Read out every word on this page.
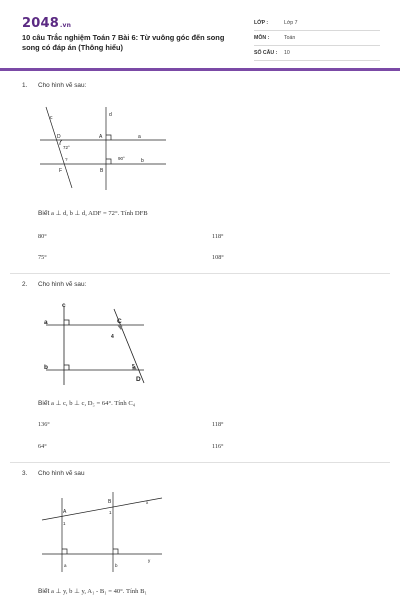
2048.vn
10 câu Trắc nghiệm Toán 7 Bài 6: Từ vuông góc đến song song có đáp án (Thông hiểu)
LỚP :	Lớp 7
MÔN :	Toán
SỐ CÂU :	10
1. Cho hình vẽ sau:
c	d
a
b
D	A
F	B
72°
?	90°
Biết a ⊥ d, b ⊥ d, ADF = 72°. Tính DFB
80°	118°
75°	108°
2. Cho hình vẽ sau:
c
a
b
C
D
4
5
Biết a ⊥ c, b ⊥ c, D₅ = 64°. Tính C₄
136°	118°
64°	116°
3. Cho hình vẽ sau
x
y
a	b
A
B
1
1
Biết a ⊥ y, b ⊥ y, A₁ - B₁ = 40°. Tính B₁
